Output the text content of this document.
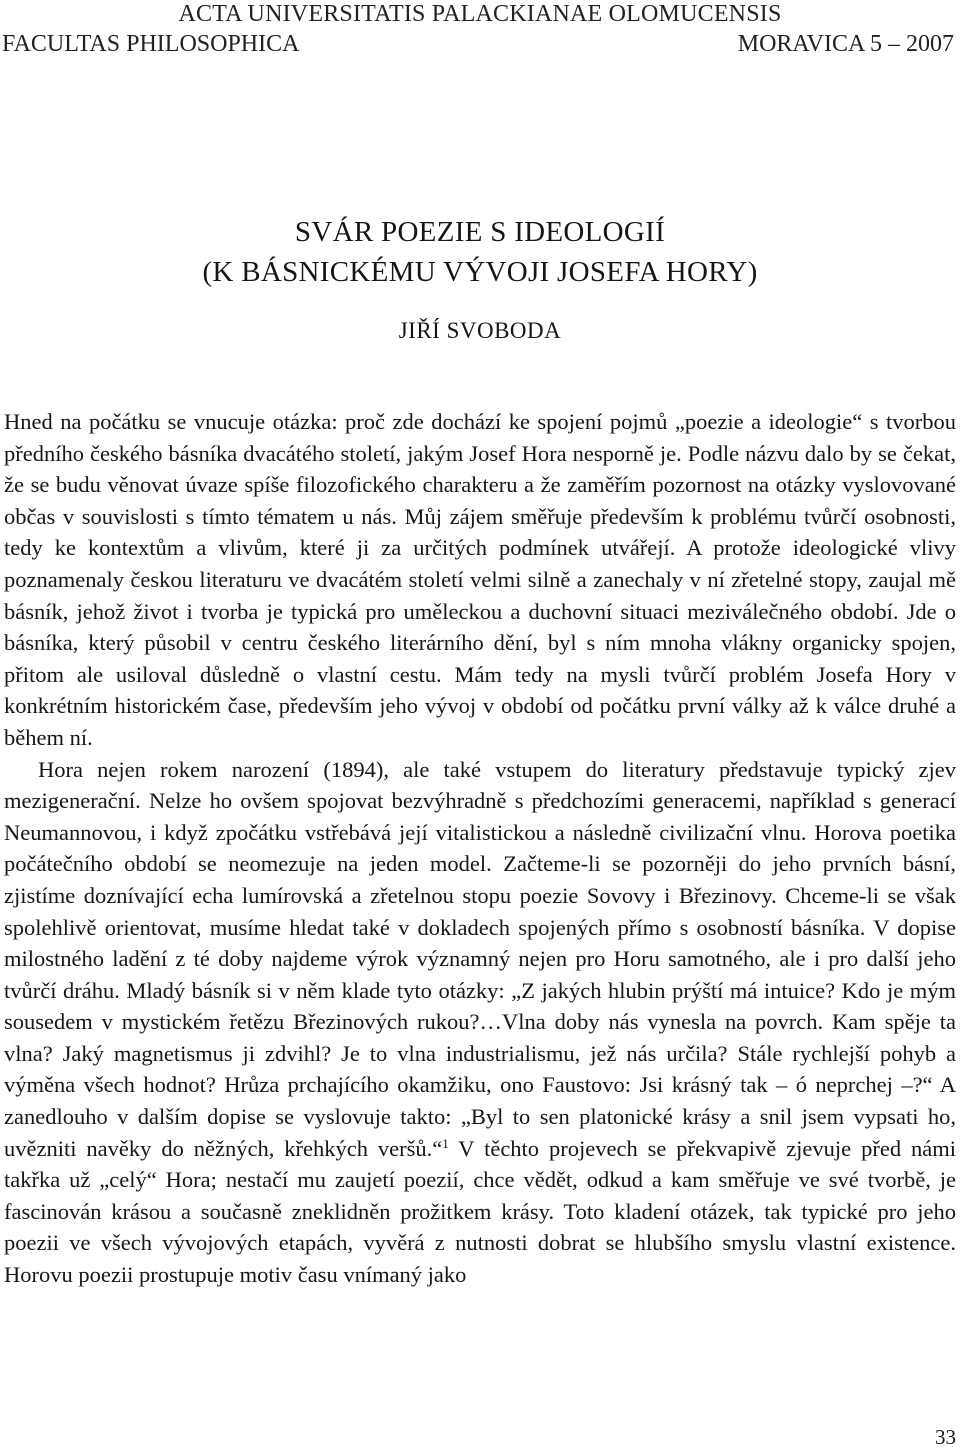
ACTA UNIVERSITATIS PALACKIANAE OLOMUCENSIS
FACULTAS PHILOSOPHICA	MORAVICA 5 – 2007
SVÁR POEZIE S IDEOLOGIÍ
(K BÁSNICKÉMU VÝVOJI JOSEFA HORY)
JIŘÍ SVOBODA

Hned na počátku se vnucuje otázka: proč zde dochází ke spojení pojmů „poezie a ideologie“ s tvorbou předního českého básníka dvacátého století, jakým Josef Hora nesporně je. Podle názvu dalo by se čekat, že se budu věnovat úvaze spíše filozofického charakteru a že zaměřím pozornost na otázky vyslovované občas v souvislosti s tímto tématem u nás. Můj zájem směřuje především k problému tvůrčí osobnosti, tedy ke kontextům a vlivům, které ji za určitých podmínek utvářejí. A protože ideologické vlivy poznamenaly českou literaturu ve dvacátém století velmi silně a zanechaly v ní zřetelné stopy, zaujal mě básník, jehož život i tvorba je typická pro uměleckou a duchovní situaci meziválečného období. Jde o básníka, který působil v centru českého literárního dění, byl s ním mnoha vlákny organicky spojen, přitom ale usiloval důsledně o vlastní cestu. Mám tedy na mysli tvůrčí problém Josefa Hory v konkrétním historickém čase, především jeho vývoj v období od počátku první války až k válce druhé a během ní.

Hora nejen rokem narození (1894), ale také vstupem do literatury představuje typický zjev mezigenerační. Nelze ho ovšem spojovat bezvýhradně s předchozími generacemi, například s generací Neumannovou, i když zpočátku vstřebává její vitalistickou a následně civilizační vlnu. Horova poetika počátečního období se neomezuje na jeden model. Začteme-li se pozorněji do jeho prvních básní, zjistíme doznívající echa lumírovská a zřetelnou stopu poezie Sovovy i Březinovy. Chceme-li se však spolehlivě orientovat, musíme hledat také v dokladech spojených přímo s osobností básníka. V dopise milostného ladění z té doby najdeme výrok významný nejen pro Horu samotného, ale i pro další jeho tvůrčí dráhu. Mladý básník si v něm klade tyto otázky: „Z jakých hlubin prýští má intuice? Kdo je mým sousedem v mystickém řetězu Březinových rukou?…Vlna doby nás vynesla na povrch. Kam spěje ta vlna? Jaký magnetismus ji zdvihl? Je to vlna industrialismu, jež nás určila? Stále rychlejší pohyb a výměna všech hodnot? Hrůza prchajícího okamžiku, ono Faustovo: Jsi krásný tak – ó neprchej –?“ A zanedlouho v dalším dopise se vyslovuje takto: „Byl to sen platonické krásy a snil jsem vypsati ho, uvězniti navěky do něžných, křehkých veršů.“$^1$ V těchto projevech se překvapivě zjevuje před námi takřka už „celý“ Hora; nestačí mu zaujetí poezií, chce vědět, odkud a kam směřuje ve své tvorbě, je fascinován krásou a současně zneklidněn prožitkem krásy. Toto kladení otázek, tak typické pro jeho poezii ve všech vývojových etapách, vyvěrá z nutnosti dobrat se hlubšího smyslu vlastní existence. Horovu poezii prostupuje motiv času vnímaný jako

33
